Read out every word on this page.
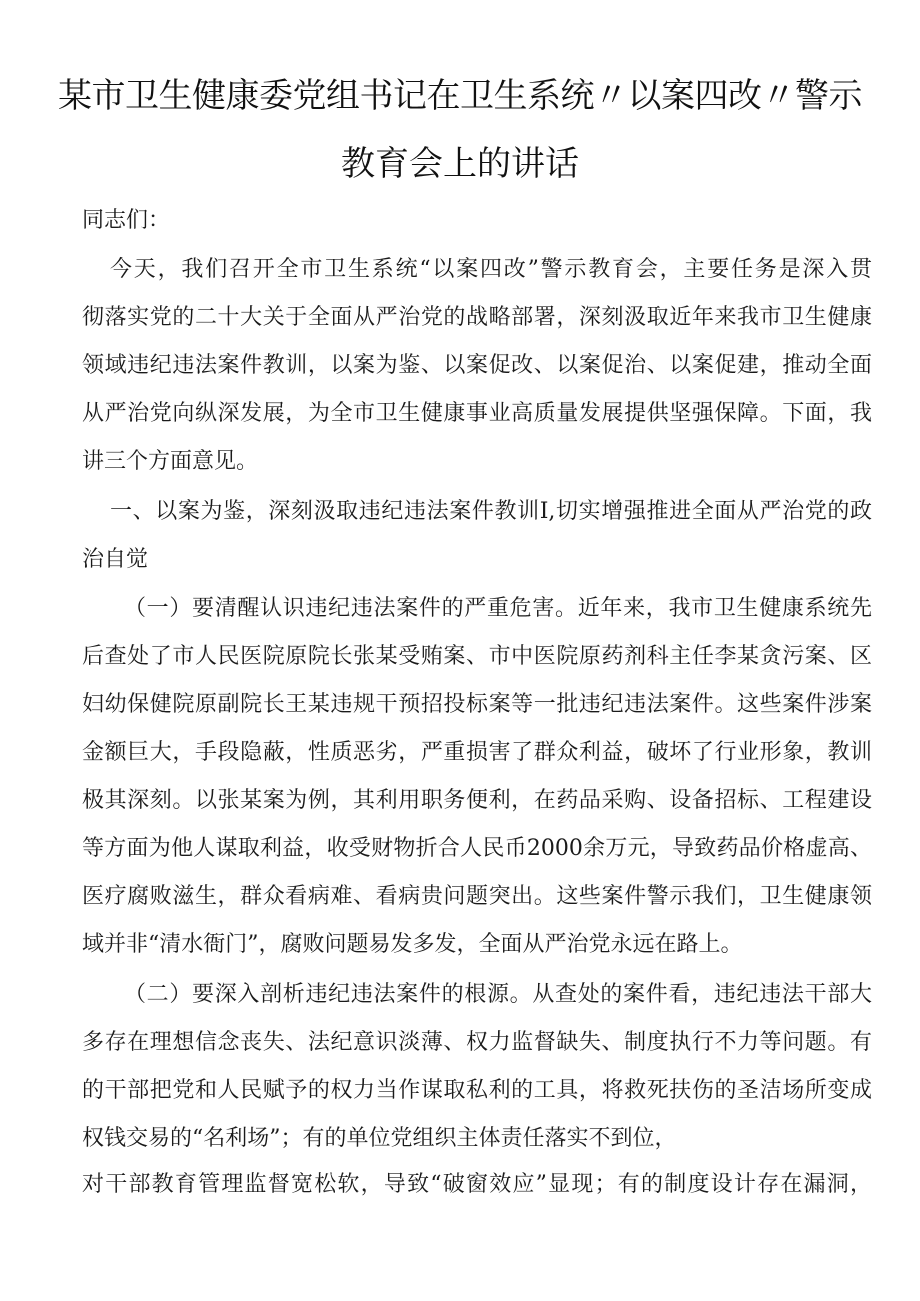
某市卫生健康委党组书记在卫生系统〃以案四改〃警示
教育会上的讲话
同志们：
今天，我们召开全市卫生系统“以案四改”警示教育会，主要任务是深入贯
彻落实党的二十大关于全面从严治党的战略部署，深刻汲取近年来我市卫生健康
领域违纪违法案件教训，以案为鉴、以案促改、以案促治、以案促建，推动全面
从严治党向纵深发展，为全市卫生健康事业高质量发展提供坚强保障。下面，我
讲三个方面意见。
一、以案为鉴，深刻汲取违纪违法案件教训I,切实增强推进全面从严治党的政
治自觉
（一）要清醒认识违纪违法案件的严重危害。近年来，我市卫生健康系统先
后查处了市人民医院原院长张某受贿案、市中医院原药剂科主任李某贪污案、区
妇幼保健院原副院长王某违规干预招投标案等一批违纪违法案件。这些案件涉案
金额巨大，手段隐蔽，性质恶劣，严重损害了群众利益，破坏了行业形象，教训
极其深刻。以张某案为例，其利用职务便利，在药品采购、设备招标、工程建设
等方面为他人谋取利益，收受财物折合人民币2000余万元，导致药品价格虚高、
医疗腐败滋生，群众看病难、看病贵问题突出。这些案件警示我们，卫生健康领
域并非“清水衙门”，腐败问题易发多发，全面从严治党永远在路上。
（二）要深入剖析违纪违法案件的根源。从查处的案件看，违纪违法干部大
多存在理想信念丧失、法纪意识淡薄、权力监督缺失、制度执行不力等问题。有
的干部把党和人民赋予的权力当作谋取私利的工具，将救死扶伤的圣洁场所变成
权钱交易的“名利场”；有的单位党组织主体责任落实不到位，
对干部教育管理监督宽松软，导致“破窗效应”显现；有的制度设计存在漏洞，
